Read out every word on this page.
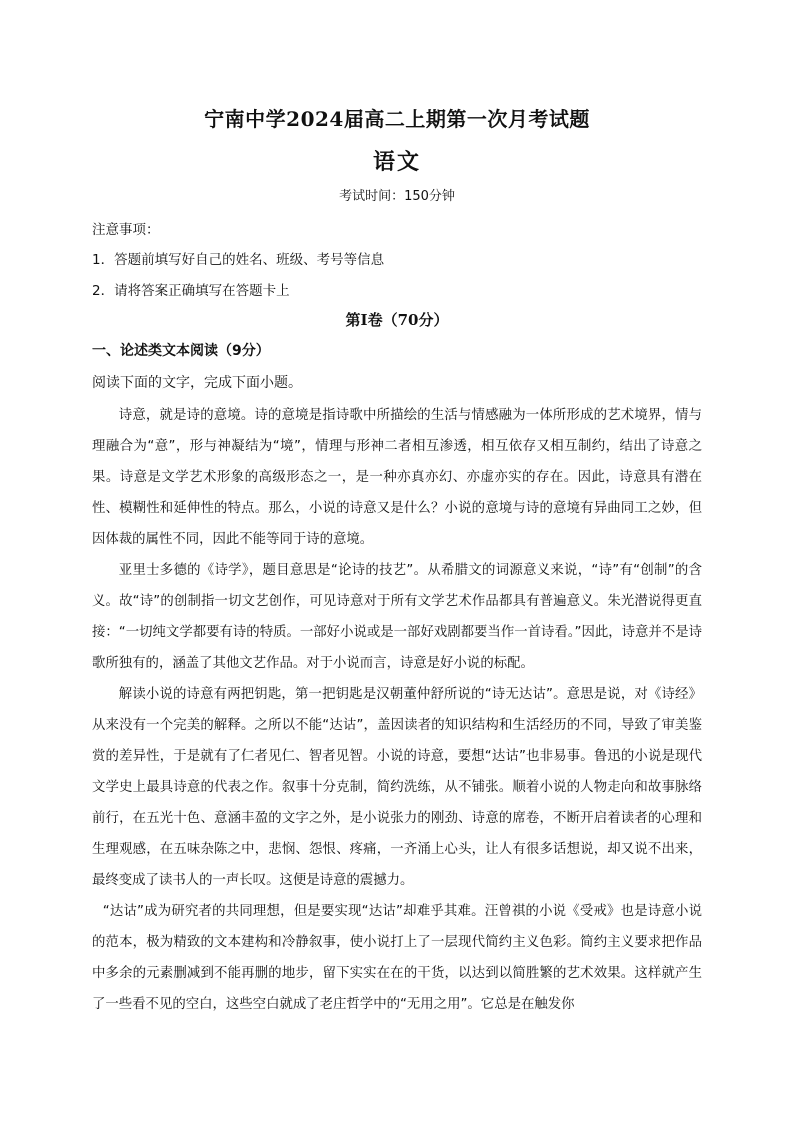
宁南中学2024届高二上期第一次月考试题
语文
考试时间：150分钟
注意事项：
1．答题前填写好自己的姓名、班级、考号等信息
2．请将答案正确填写在答题卡上
第I卷（70分）
一、论述类文本阅读（9分）
阅读下面的文字，完成下面小题。

诗意，就是诗的意境。诗的意境是指诗歌中所描绘的生活与情感融为一体所形成的艺术境界，情与理融合为“意”，形与神凝结为“境”，情理与形神二者相互渗透，相互依存又相互制约，结出了诗意之果。诗意是文学艺术形象的高级形态之一，是一种亦真亦幻、亦虚亦实的存在。因此，诗意具有潜在性、模糊性和延伸性的特点。那么，小说的诗意又是什么？小说的意境与诗的意境有异曲同工之妙，但因体裁的属性不同，因此不能等同于诗的意境。

亚里士多德的《诗学》，题目意思是“论诗的技艺”。从希腊文的词源意义来说，“诗”有“创制”的含义。故“诗”的创制指一切文艺创作，可见诗意对于所有文学艺术作品都具有普遍意义。朱光潜说得更直接：“一切纯文学都要有诗的特质。一部好小说或是一部好戏剧都要当作一首诗看。”因此，诗意并不是诗歌所独有的，涵盖了其他文艺作品。对于小说而言，诗意是好小说的标配。

解读小说的诗意有两把钥匙，第一把钥匙是汉朝董仲舒所说的“诗无达诂”。意思是说，对《诗经》从来没有一个完美的解释。之所以不能“达诂”，盖因读者的知识结构和生活经历的不同，导致了审美鉴赏的差异性，于是就有了仁者见仁、智者见智。小说的诗意，要想“达诂”也非易事。鲁迅的小说是现代文学史上最具诗意的代表之作。叙事十分克制，简约洗练，从不铺张。顺着小说的人物走向和故事脉络前行，在五光十色、意涵丰盈的文字之外，是小说张力的刚劲、诗意的席卷，不断开启着读者的心理和生理观感，在五味杂陈之中，悲悯、怨恨、疼痛，一齐涌上心头，让人有很多话想说，却又说不出来，最终变成了读书人的一声长叹。这便是诗意的震撼力。

“达诂”成为研究者的共同理想，但是要实现“达诂”却难乎其难。汪曾祺的小说《受戒》也是诗意小说的范本，极为精致的文本建构和冷静叙事，使小说打上了一层现代简约主义色彩。简约主义要求把作品中多余的元素删减到不能再删的地步，留下实实在在的干货，以达到以简胜繁的艺术效果。这样就产生了一些看不见的空白，这些空白就成了老庄哲学中的“无用之用”。它总是在触发你
